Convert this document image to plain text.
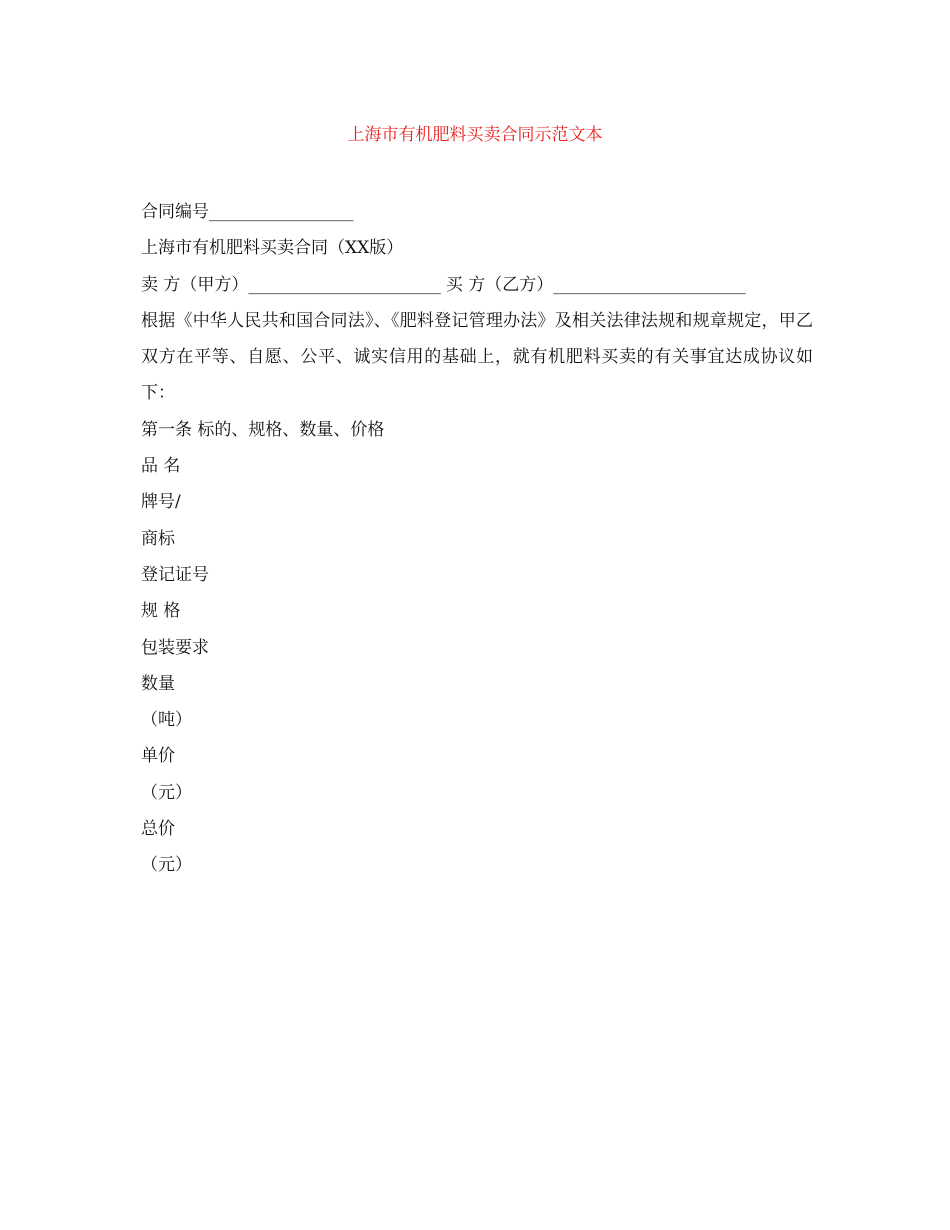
上海市有机肥料买卖合同示范文本
合同编号__________________
上海市有机肥料买卖合同（XX版）
卖 方（甲方）________________________ 买 方（乙方）________________________
根据《中华人民共和国合同法》、《肥料登记管理办法》及相关法律法规和规章规定，甲乙双方在平等、自愿、公平、诚实信用的基础上，就有机肥料买卖的有关事宜达成协议如下：
第一条 标的、规格、数量、价格
品 名
牌号/
商标
登记证号
规 格
包装要求
数量
（吨）
单价
（元）
总价
（元）
